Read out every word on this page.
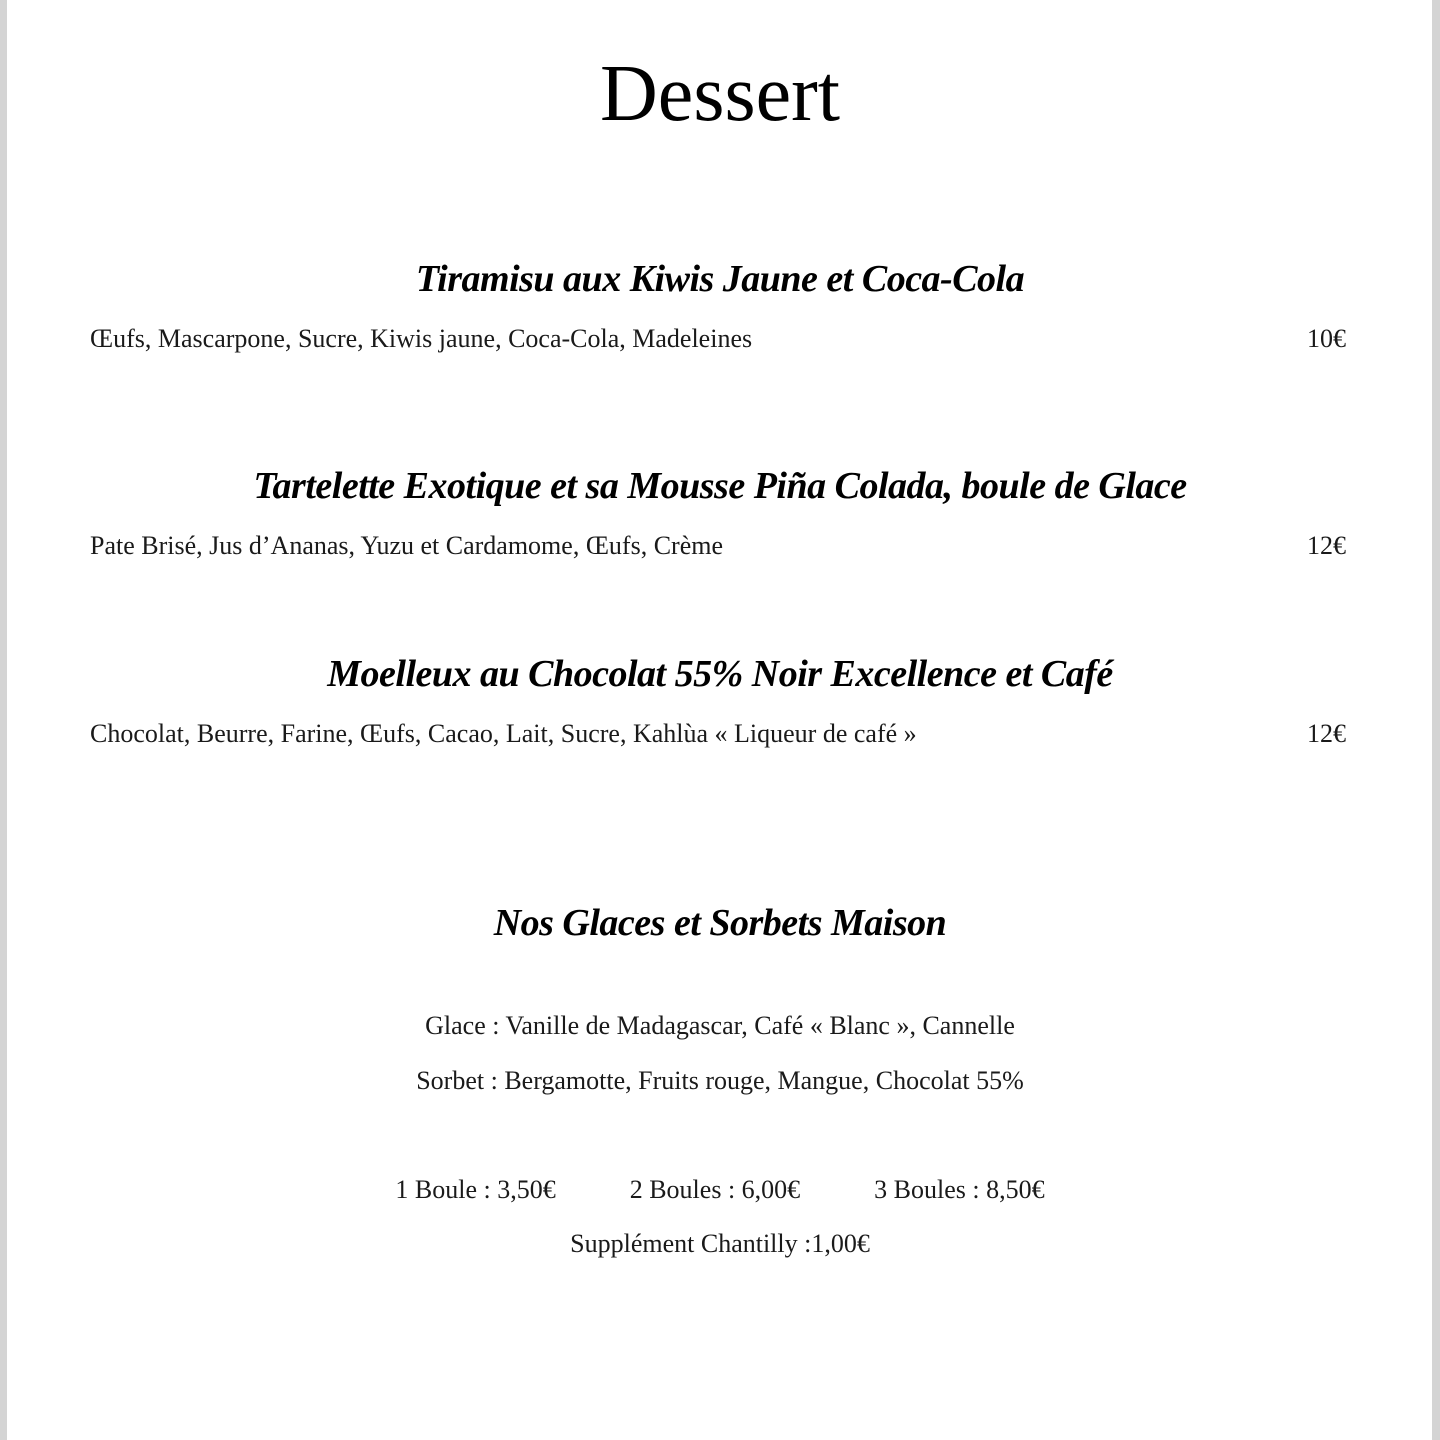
Dessert
Tiramisu aux Kiwis Jaune et Coca-Cola
Œufs, Mascarpone, Sucre, Kiwis jaune, Coca-Cola, Madeleines	10€
Tartelette Exotique et sa Mousse Piña Colada, boule de Glace
Pate Brisé, Jus d’Ananas, Yuzu et Cardamome, Œufs, Crème	12€
Moelleux au Chocolat 55% Noir Excellence et Café
Chocolat, Beurre, Farine, Œufs, Cacao, Lait, Sucre, Kahlùa « Liqueur de café »	12€
Nos Glaces et Sorbets Maison
Glace : Vanille de Madagascar, Café « Blanc », Cannelle
Sorbet : Bergamotte, Fruits rouge, Mangue, Chocolat 55%
1 Boule : 3,50€	2 Boules : 6,00€	3 Boules : 8,50€
Supplément Chantilly :1,00€
